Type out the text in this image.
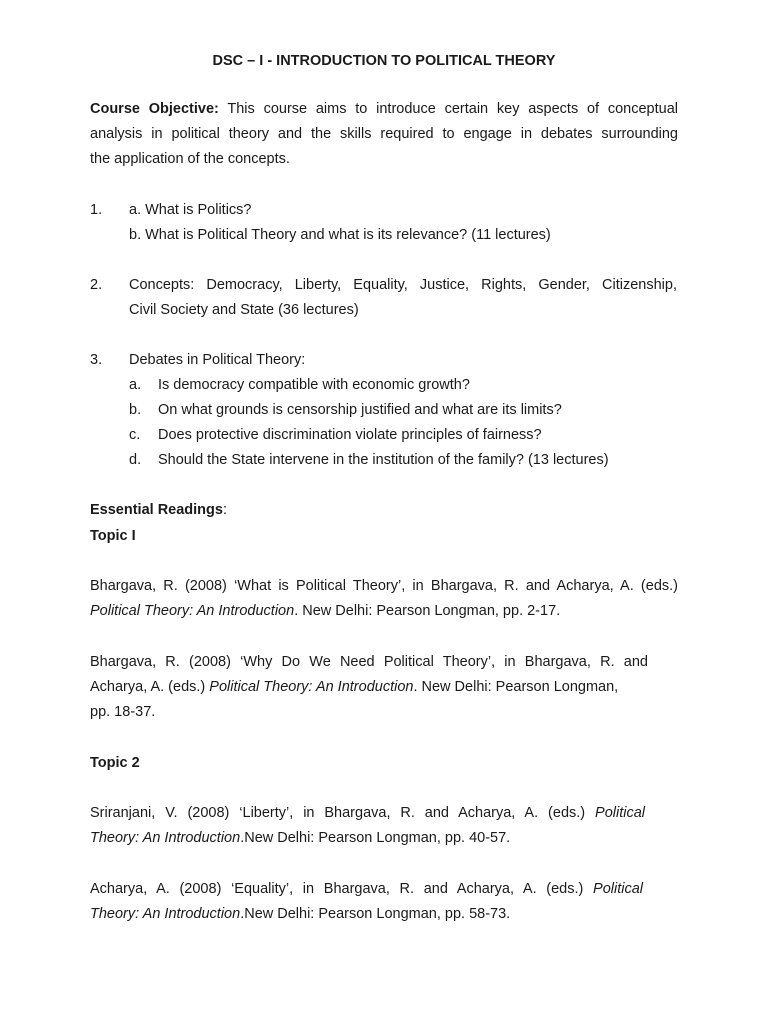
DSC – I - INTRODUCTION TO POLITICAL THEORY
Course Objective: This course aims to introduce certain key aspects of conceptual
analysis in political theory and the skills required to engage in debates surrounding
the application of the concepts.
1. a. What is Politics?
b. What is Political Theory and what is its relevance? (11 lectures)
2. Concepts: Democracy, Liberty, Equality, Justice, Rights, Gender, Citizenship,
Civil Society and State (36 lectures)
3. Debates in Political Theory:
a. Is democracy compatible with economic growth?
b. On what grounds is censorship justified and what are its limits?
c. Does protective discrimination violate principles of fairness?
d. Should the State intervene in the institution of the family? (13 lectures)
Essential Readings:
Topic I
Bhargava, R. (2008) ‘What is Political Theory’, in Bhargava, R. and Acharya, A. (eds.)
Political Theory: An Introduction. New Delhi: Pearson Longman, pp. 2-17.
Bhargava, R. (2008) ‘Why Do We Need Political Theory’, in Bhargava, R. and
Acharya, A. (eds.) Political Theory: An Introduction. New Delhi: Pearson Longman,
pp. 18-37.
Topic 2
Sriranjani, V. (2008) ‘Liberty’, in Bhargava, R. and Acharya, A. (eds.) Political
Theory: An Introduction.New Delhi: Pearson Longman, pp. 40-57.
Acharya, A. (2008) ‘Equality’, in Bhargava, R. and Acharya, A. (eds.) Political
Theory: An Introduction.New Delhi: Pearson Longman, pp. 58-73.
